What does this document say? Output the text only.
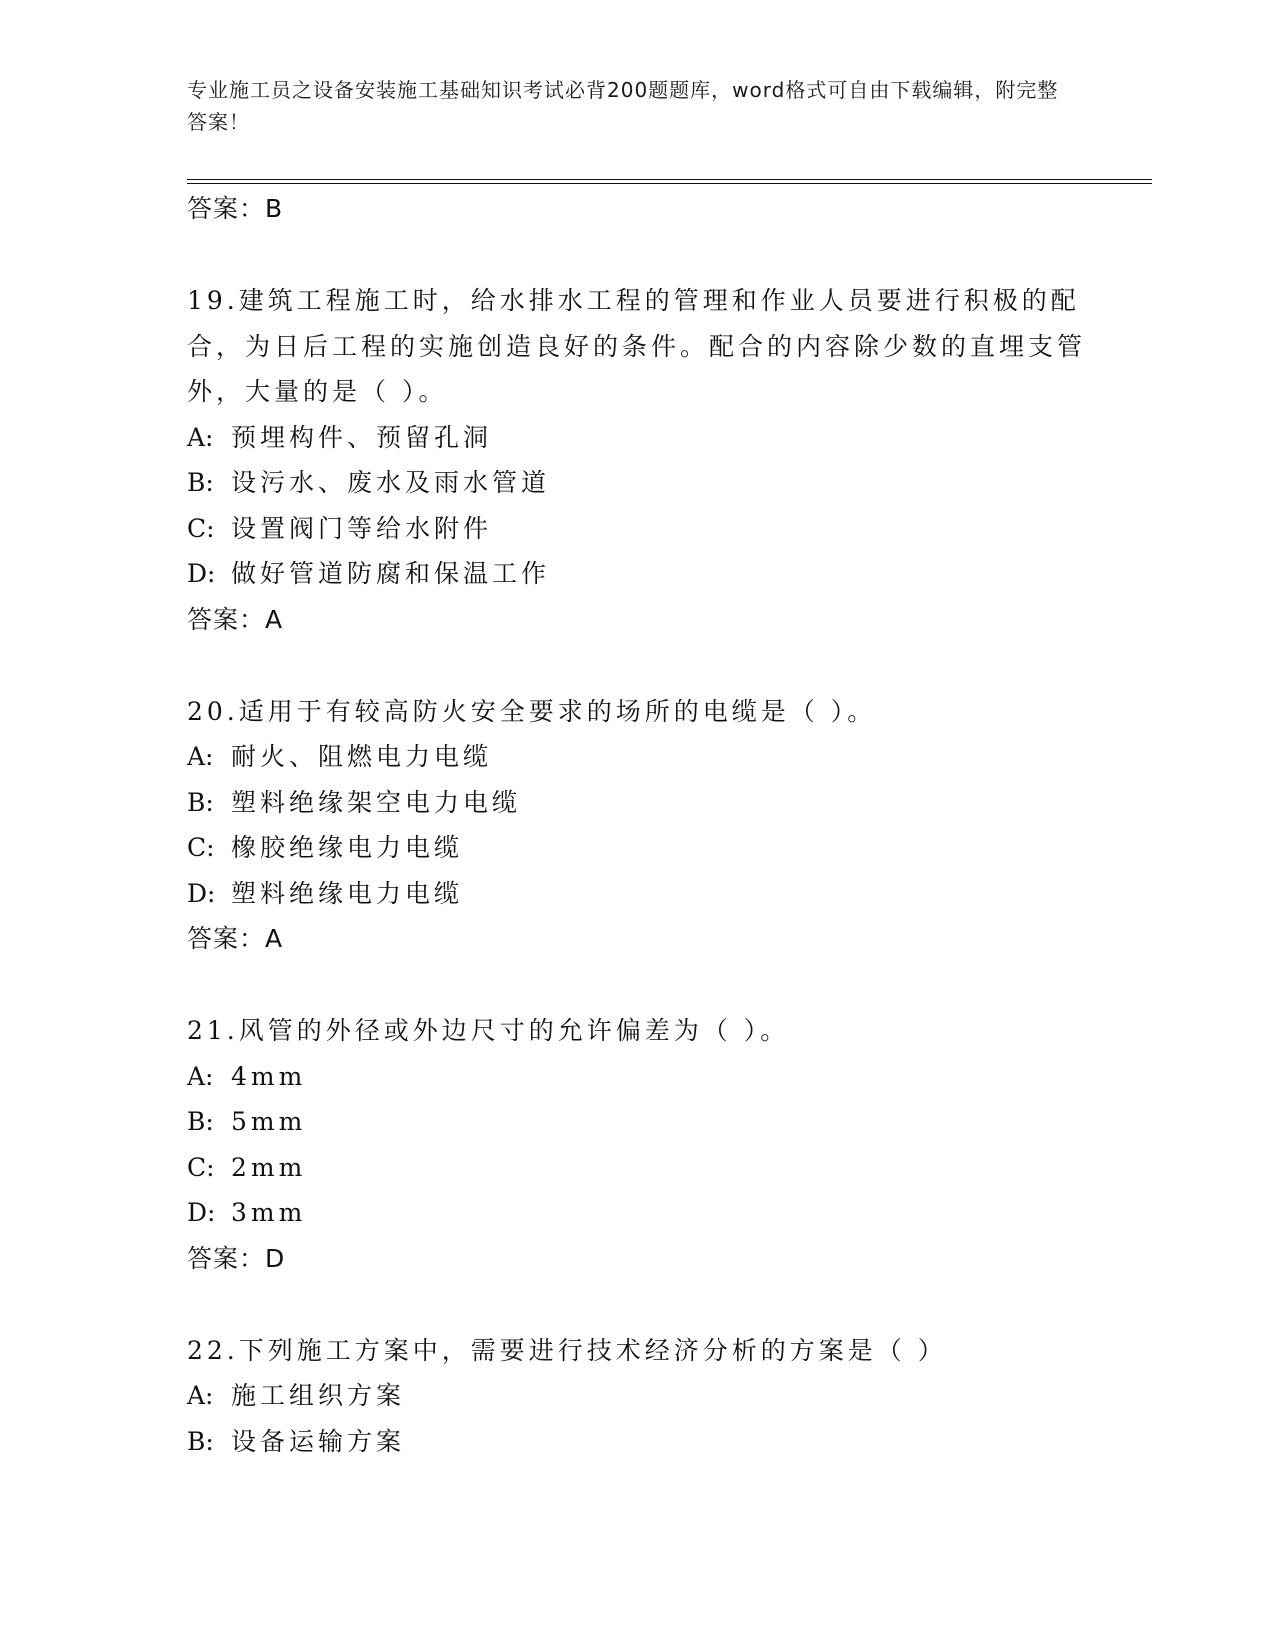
专业施工员之设备安装施工基础知识考试必背200题题库，word格式可自由下载编辑，附完整答案！
答案：B
19.建筑工程施工时，给水排水工程的管理和作业人员要进行积极的配合，为日后工程的实施创造良好的条件。配合的内容除少数的直埋支管外，大量的是（ ）。
A: 预埋构件、预留孔洞
B: 设污水、废水及雨水管道
C: 设置阀门等给水附件
D: 做好管道防腐和保温工作
答案：A
20.适用于有较高防火安全要求的场所的电缆是（ ）。
A: 耐火、阻燃电力电缆
B: 塑料绝缘架空电力电缆
C: 橡胶绝缘电力电缆
D: 塑料绝缘电力电缆
答案：A
21.风管的外径或外边尺寸的允许偏差为（ ）。
A: 4mm
B: 5mm
C: 2mm
D: 3mm
答案：D
22.下列施工方案中，需要进行技术经济分析的方案是（ ）
A: 施工组织方案
B: 设备运输方案
